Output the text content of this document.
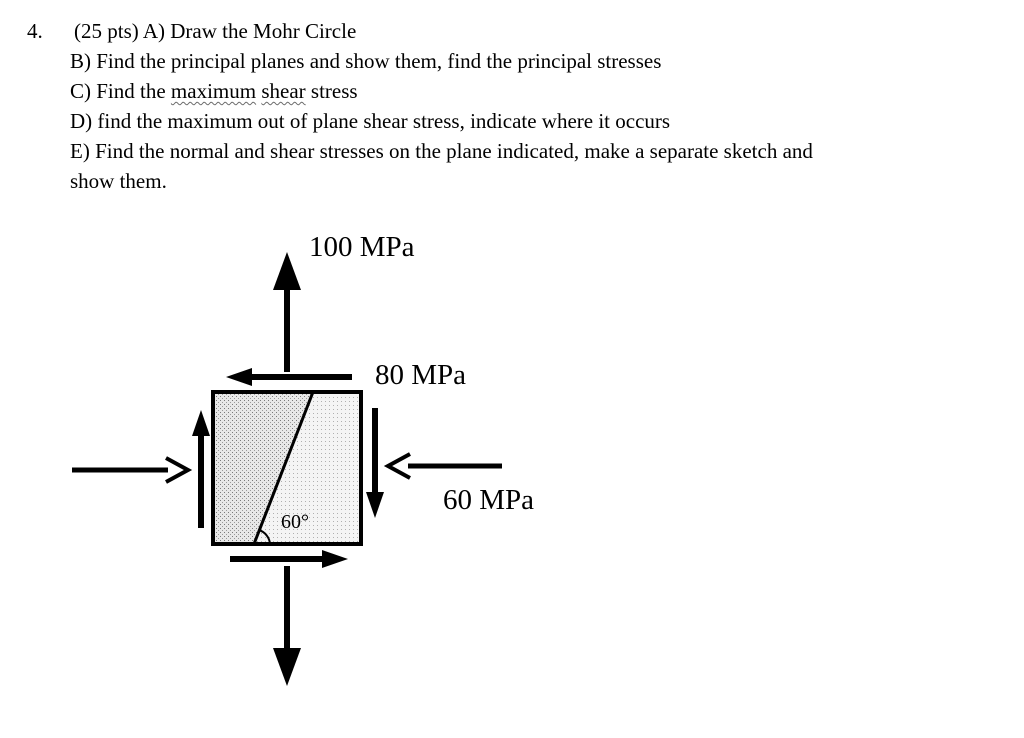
4. (25 pts) A) Draw the Mohr Circle
B) Find the principal planes and show them, find the principal stresses
C) Find the maximum shear stress
D) find the maximum out of plane shear stress, indicate where it occurs
E) Find the normal and shear stresses on the plane indicated, make a separate sketch and
show them.
100 MPa
80 MPa
60 MPa
60°
